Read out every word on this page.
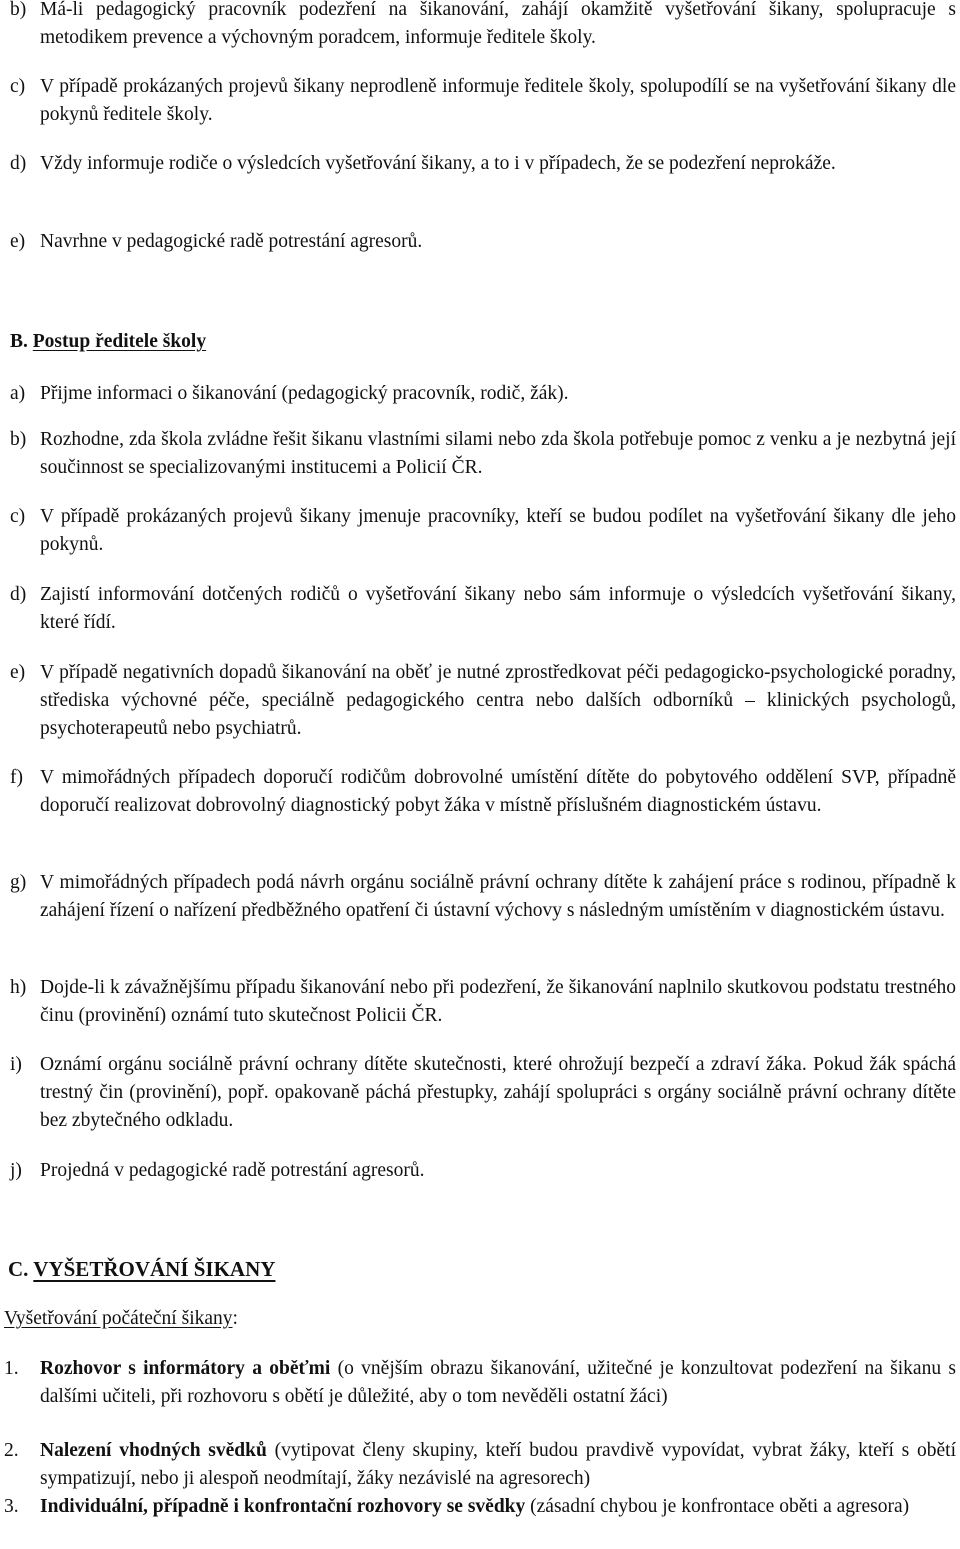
b) Má-li pedagogický pracovník podezření na šikanování, zahájí okamžitě vyšetřování šikany, spolupracuje s metodikem prevence a výchovným poradcem, informuje ředitele školy.
c) V případě prokázaných projevů šikany neprodleně informuje ředitele školy, spolupodílí se na vyšetřování šikany dle pokynů ředitele školy.
d) Vždy informuje rodiče o výsledcích vyšetřování šikany, a to i v případech, že se podezření neprokáže.
e) Navrhne v pedagogické radě potrestání agresorů.
B. Postup ředitele školy
a) Přijme informaci o šikanování (pedagogický pracovník, rodič, žák).
b) Rozhodne, zda škola zvládne řešit šikanu vlastními silami nebo zda škola potřebuje pomoc z venku a je nezbytná její součinnost se specializovanými institucemi a Policií ČR.
c) V případě prokázaných projevů šikany jmenuje pracovníky, kteří se budou podílet na vyšetřování šikany dle jeho pokynů.
d) Zajistí informování dotčených rodičů o vyšetřování šikany nebo sám informuje o výsledcích vyšetřování šikany, které řídí.
e) V případě negativních dopadů šikanování na oběť je nutné zprostředkovat péči pedagogicko-psychologické poradny, střediska výchovné péče, speciálně pedagogického centra nebo dalších odborníků – klinických psychologů, psychoterapeutů nebo psychiatrů.
f) V mimořádných případech doporučí rodičům dobrovolné umístění dítěte do pobytového oddělení SVP, případně doporučí realizovat dobrovolný diagnostický pobyt žáka v místně příslušném diagnostickém ústavu.
g) V mimořádných případech podá návrh orgánu sociálně právní ochrany dítěte k zahájení práce s rodinou, případně k zahájení řízení o nařízení předběžného opatření či ústavní výchovy s následným umístěním v diagnostickém ústavu.
h) Dojde-li k závažnějšímu případu šikanování nebo při podezření, že šikanování naplnilo skutkovou podstatu trestného činu (provinění) oznámí tuto skutečnost Policii ČR.
i) Oznámí orgánu sociálně právní ochrany dítěte skutečnosti, které ohrožují bezpečí a zdraví žáka. Pokud žák spáchá trestný čin (provinění), popř. opakovaně páchá přestupky, zahájí spolupráci s orgány sociálně právní ochrany dítěte bez zbytečného odkladu.
j) Projedná v pedagogické radě potrestání agresorů.
C. VYŠETŘOVÁNÍ ŠIKANY
Vyšetřování počáteční šikany:
1. Rozhovor s informátory a oběťmi (o vnějším obrazu šikanování, užitečné je konzultovat podezření na šikanu s dalšími učiteli, při rozhovoru s obětí je důležité, aby o tom nevěděli ostatní žáci)
2. Nalezení vhodných svědků (vytipovat členy skupiny, kteří budou pravdivě vypovídat, vybrat žáky, kteří s obětí sympatizují, nebo ji alespoň neodmítají, žáky nezávislé na agresorech)
3. Individuální, případně i konfrontační rozhovory se svědky (zásadní chybou je konfrontace oběti a agresora)
